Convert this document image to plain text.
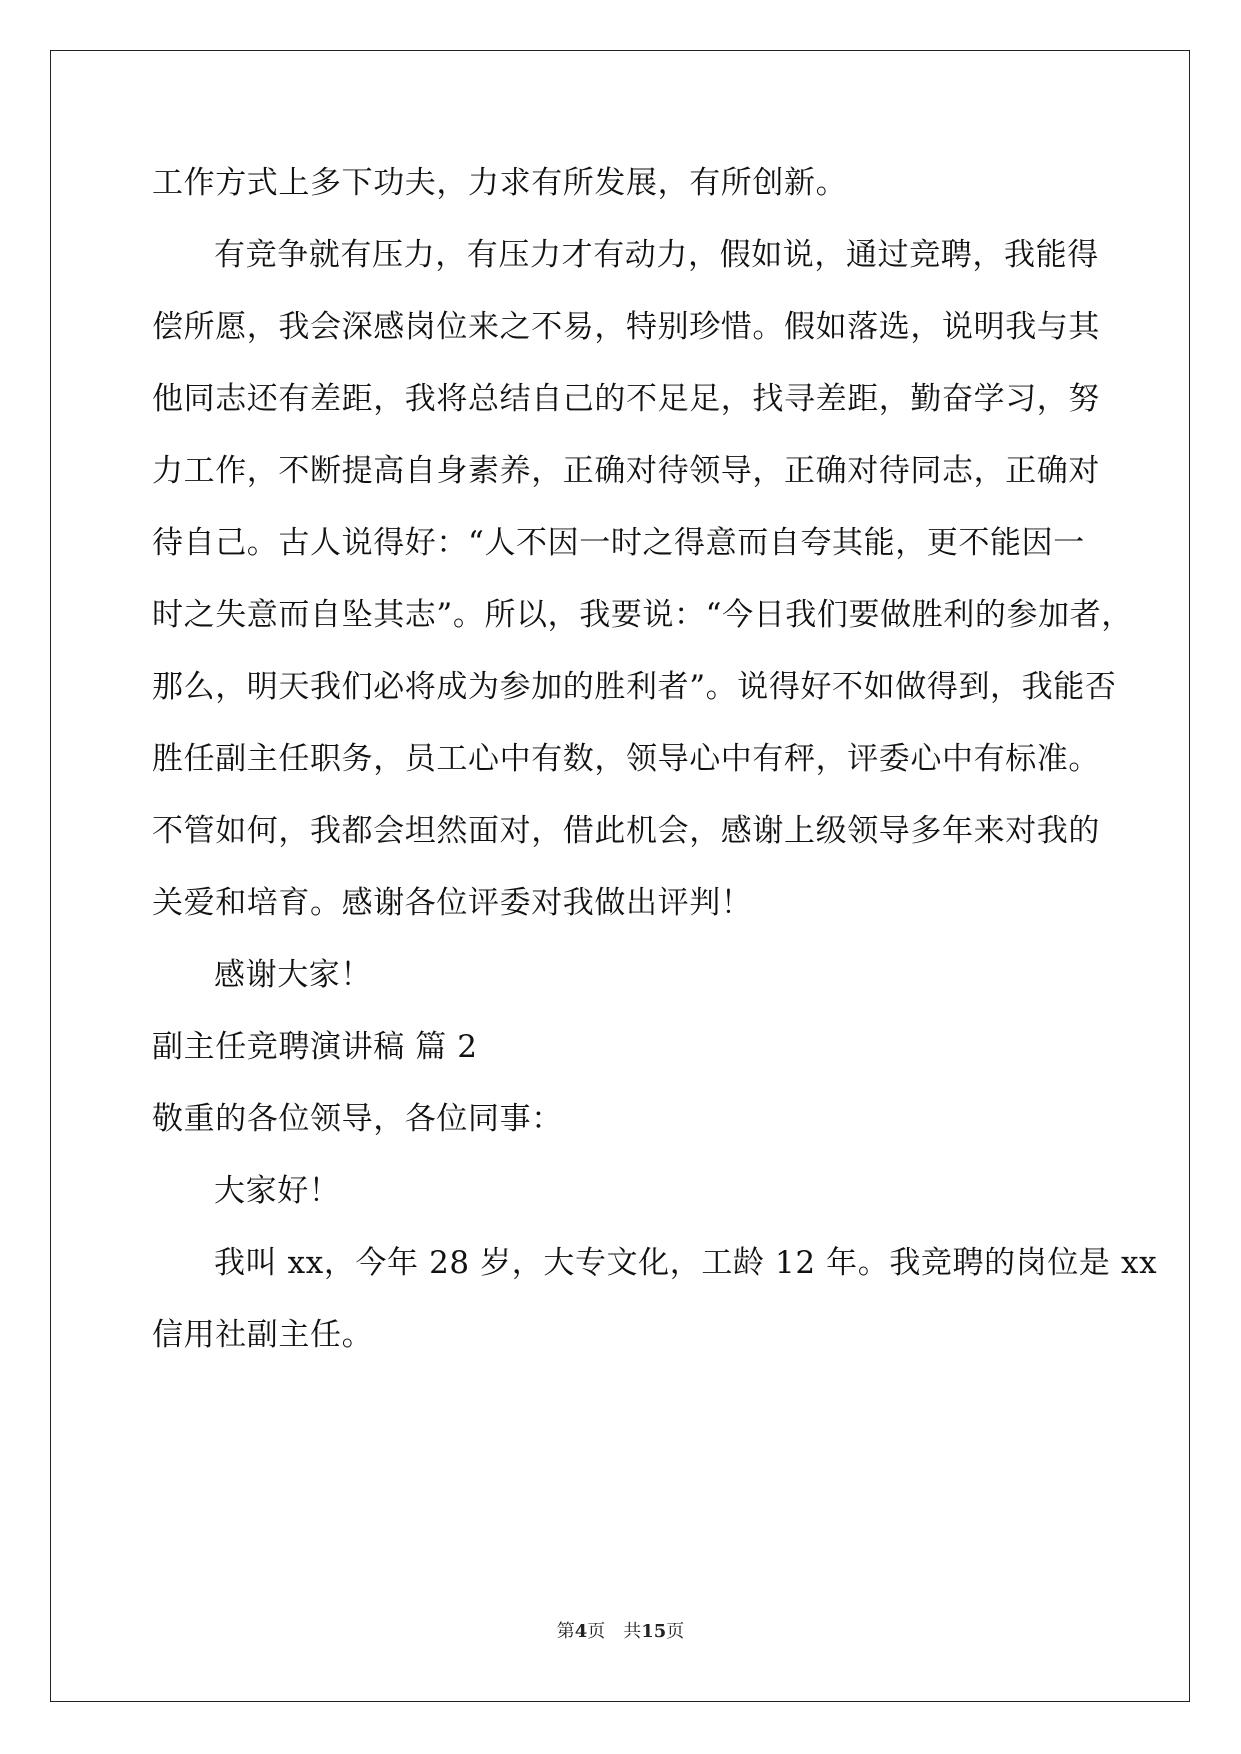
工作方式上多下功夫，力求有所发展，有所创新。
有竞争就有压力，有压力才有动力，假如说，通过竞聘，我能得
偿所愿，我会深感岗位来之不易，特别珍惜。假如落选，说明我与其
他同志还有差距，我将总结自己的不足足，找寻差距，勤奋学习，努
力工作，不断提高自身素养，正确对待领导，正确对待同志，正确对
待自己。古人说得好：“人不因一时之得意而自夸其能，更不能因一
时之失意而自坠其志”。所以，我要说：“今日我们要做胜利的参加者，
那么，明天我们必将成为参加的胜利者”。说得好不如做得到，我能否
胜任副主任职务，员工心中有数，领导心中有秤，评委心中有标准。
不管如何，我都会坦然面对，借此机会，感谢上级领导多年来对我的
关爱和培育。感谢各位评委对我做出评判！
感谢大家！
副主任竞聘演讲稿 篇 2
敬重的各位领导，各位同事：
大家好！
我叫 xx，今年 28 岁，大专文化，工龄 12 年。我竞聘的岗位是 xx
信用社副主任。
第4页 共15页
